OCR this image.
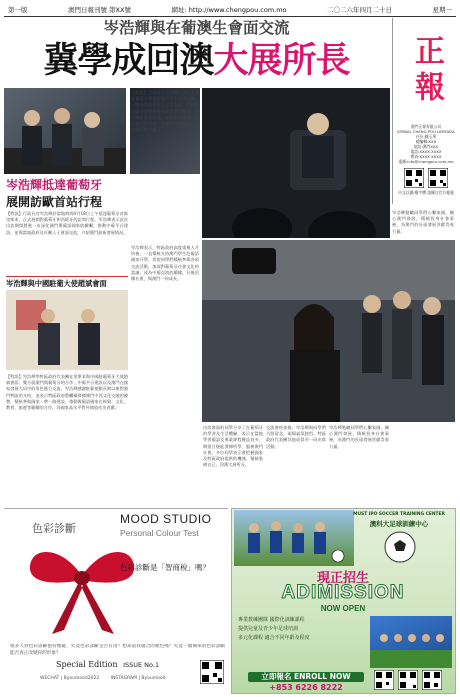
第一版	澳門日報刊號 第XX號	網址: http://www.chengpou.com.mo	二〇二六年四月二十日	星期一
岑浩輝與在葡澳生會面交流
冀學成回澳大展所長	正報
澳門正報有限公司
JORNAL CHENG POU LIMITADA
社長:陳玉華
總編輯:XXX
地址:澳門XXX
電話:XXXX XXXX
傳真:XXXX XXXX
電郵:info@chengpou.com.mo
中文以繁/簡字體 請關注官方帳號
岑浩輝抵達葡萄牙
展開訪歐首站行程
【特訊】行政長官岑浩輝於當地時間4月18日上午抵達葡萄牙首都里斯本，正式展開對葡萄牙和西班牙的訪問行程。岑浩輝表示此次出訪期間將進一步深化澳門與葡語國家的聯繫，推動中葡平台建設，並與當地政府及社團人士會面交流，介紹澳門最新發展情況。
岑浩輝與中國駐葡大使趙斌會面
【特訊】岑浩輝率特區政府代表團在里斯本與中國駐葡萄牙大使趙斌會面。雙方就澳門與葡萄牙的合作、中葡平台建設以及澳門在國家發展大局中的角色進行交流。岑浩輝感謝駐葡使館長期以來對澳門特區的支持，並表示特區政府將繼續發揮澳門中西文化交融的優勢，積極參與國家一帶一路建設，推動與葡語國家在經貿、文化、教育、旅遊等範疇的合作，為國家高水平對外開放作出貢獻。
【特訊】行政長官岑浩輝在里斯本與在葡萄牙學習的澳門學生會面交流，了解他們的學習及生活情況。岑浩輝鼓勵同學們珍惜在葡學習的機會，努力鑽研專業知識，掌握葡語優勢，學成後回澳發展，為澳門經濟適度多元發展貢獻力量。
岑浩輝表示，特區政府高度重視人才培養，一直積極支持澳門學生赴葡語國家升學，希望同學們積極參與各項交流活動，加深對葡萄牙社會文化的認識，成為中葡交流的橋樑，日後回饋社會，與澳門一同成長。
出席會面的同學分享了在葡萄牙的學習及生活體驗，表示在當地學習葡語及專業課程獲益良多，期望日後能發揮所學，服務澳門社會。多位同學表示會把握國家及特區政府提供的機遇，積極裝備自己，回澳大展所長。
交流會結束後，岑浩輝與同學們合照留念，現場氣氛熱烈。特區政府代表團其他成員亦一同出席活動。
岑浩輝勉勵同學們心繫家國，關心澳門發展，積極投身社會事務，為澳門的長遠發展貢獻青春力量。
岑浩輝勉勵同學們心繫家國，關心澳門發展，積極投身社會事務，為澳門的長遠發展貢獻青春力量。
色彩診斷
MOOD STUDIO
Personal Colour Test
色彩診斷是「智商稅」嗎？
很多人對色彩診斷抱持懷疑，究竟色彩診斷是否有用？想知道我適合的顏色嗎？究竟一個簡單的色彩診斷能否真正改變你的形象？
Special Edition ISSUE No.1
WECHAT | Byoumood2022	INSTAGRAM | Byoumood
MUST IPO SOCCER TRAINING CENTER
澳科大足球訓練中心
現正招生
ADIMISSION
NOW OPEN
專業教練團隊 國際化訓練課程
提供兒童及青少年足球培訓
多元化課程 適合不同年齡及程度
立即報名 ENROLL NOW
+853 6226 8222
